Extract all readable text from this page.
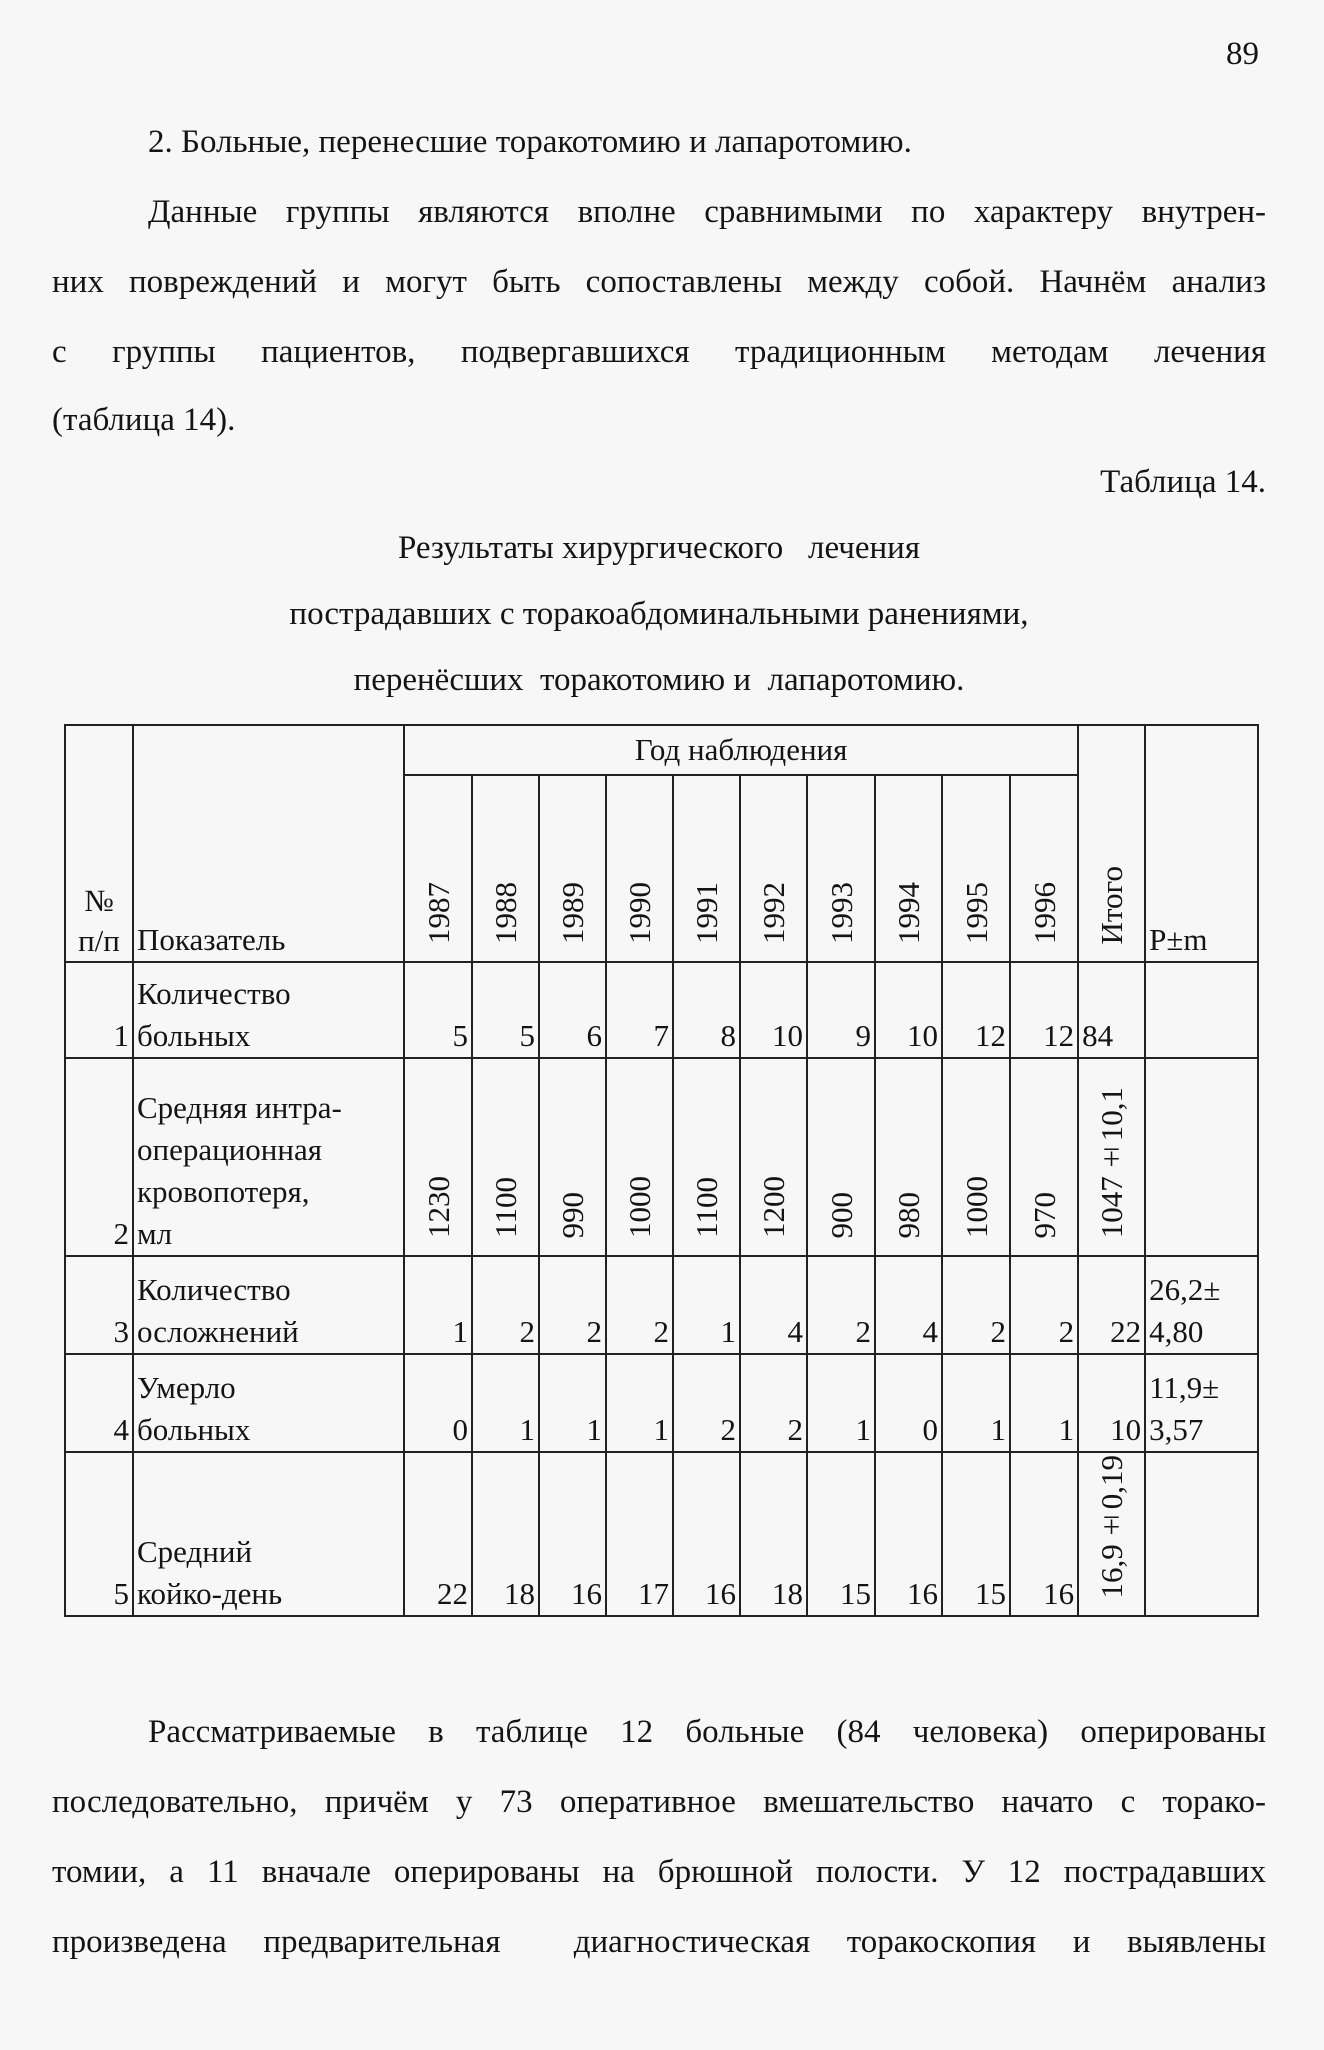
89
2. Больные, перенесшие торакотомию и лапаротомию.
Данные группы являются вполне сравнимыми по характеру внутрен-
них повреждений и могут быть сопоставлены между собой. Начнём анализ
с группы пациентов, подвергавшихся традиционным методам лечения
(таблица 14).
Таблица 14.
Результаты хирургического   лечения
пострадавших с торакоабдоминальными ранениями,
перенёсших  торакотомию и  лапаротомию.
№ п/п	Показатель	Год наблюдения										Итого	P±m
		1987	1988	1989	1990	1991	1992	1993	1994	1995	1996		
1	Количество
больных	5	5	6	7	8	10	9	10	12	12	84	
2	Средняя интра-
операционная
кровопотеря,
мл	1230	1100	990	1000	1100	1200	900	980	1000	970	1047±10,1	
3	Количество
осложнений	1	2	2	2	1	4	2	4	2	2	22	26,2± 4,80
4	Умерло
больных	0	1	1	1	2	2	1	0	1	1	10	11,9± 3,57
5	Средний
койко-день	22	18	16	17	16	18	15	16	15	16	16,9±0,19	
Рассматриваемые в таблице 12 больные (84 человека) оперированы
последовательно, причём у 73 оперативное вмешательство начато с торако-
томии, а 11 вначале оперированы на брюшной полости. У 12 пострадавших
произведена предварительная  диагностическая торакоскопия и выявлены
